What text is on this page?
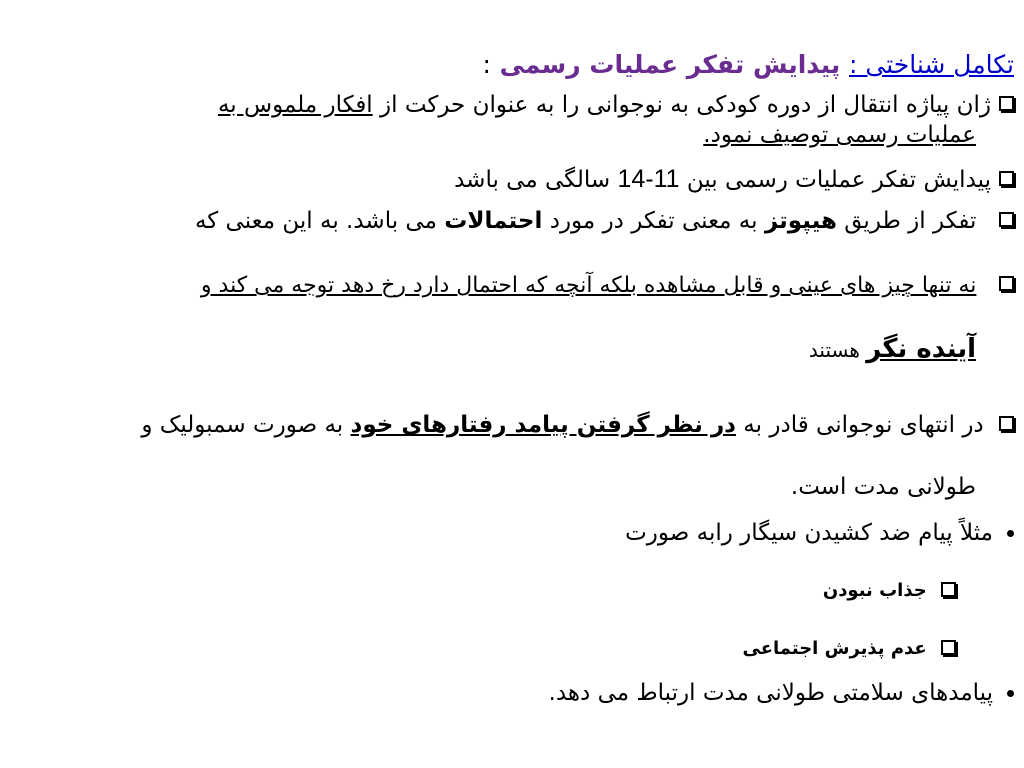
تکامل شناختی : پیدایش تفکر عملیات رسمی :
ژان پیاژه انتقال از دوره کودکی به نوجوانی را به عنوان حرکت از افکار ملموس به
عملیات رسمی توصیف نمود.
پیدایش تفکر عملیات رسمی بین 11-14 سالگی می باشد
تفکر از طریق هیپوتز به معنی تفکر در مورد احتمالات می باشد. به این معنی که
نه تنها چیز های عینی و قابل مشاهده بلکه آنچه که احتمال دارد رخ دهد توجه می کند و
آینده نگر هستند
در انتهای نوجوانی قادر به در نظر گرفتن پیامد رفتارهای خود به صورت سمبولیک و
طولانی مدت است.
مثلاً پیام ضد کشیدن سیگار رابه صورت
جذاب نبودن
عدم پذیرش اجتماعی
پیامدهای سلامتی طولانی مدت ارتباط می دهد.
